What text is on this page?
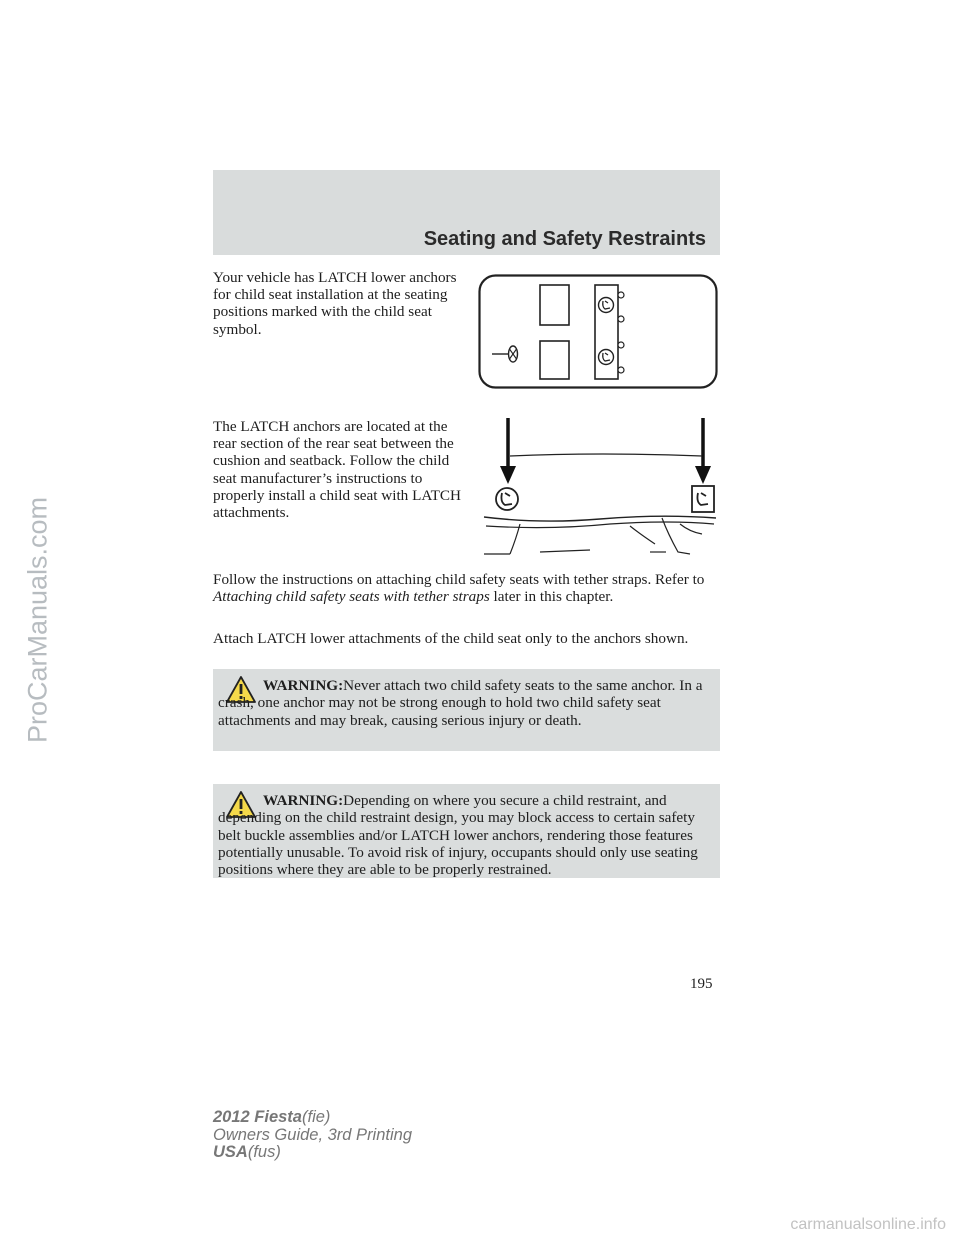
Seating and Safety Restraints

Your vehicle has LATCH lower anchors for child seat installation at the seating positions marked with the child seat symbol.

The LATCH anchors are located at the rear section of the rear seat between the cushion and seatback. Follow the child seat manufacturer’s instructions to properly install a child seat with LATCH attachments.

Follow the instructions on attaching child safety seats with tether straps. Refer to Attaching child safety seats with tether straps later in this chapter.

Attach LATCH lower attachments of the child seat only to the anchors shown.

WARNING:Never attach two child safety seats to the same anchor. In a crash, one anchor may not be strong enough to hold two child safety seat attachments and may break, causing serious injury or death.

WARNING:Depending on where you secure a child restraint, and depending on the child restraint design, you may block access to certain safety belt buckle assemblies and/or LATCH lower anchors, rendering those features potentially unusable. To avoid risk of injury, occupants should only use seating positions where they are able to be properly restrained.

195
2012 Fiesta(fie)
Owners Guide, 3rd Printing
USA(fus)
ProCarManuals.com
carmanualsonline.info
